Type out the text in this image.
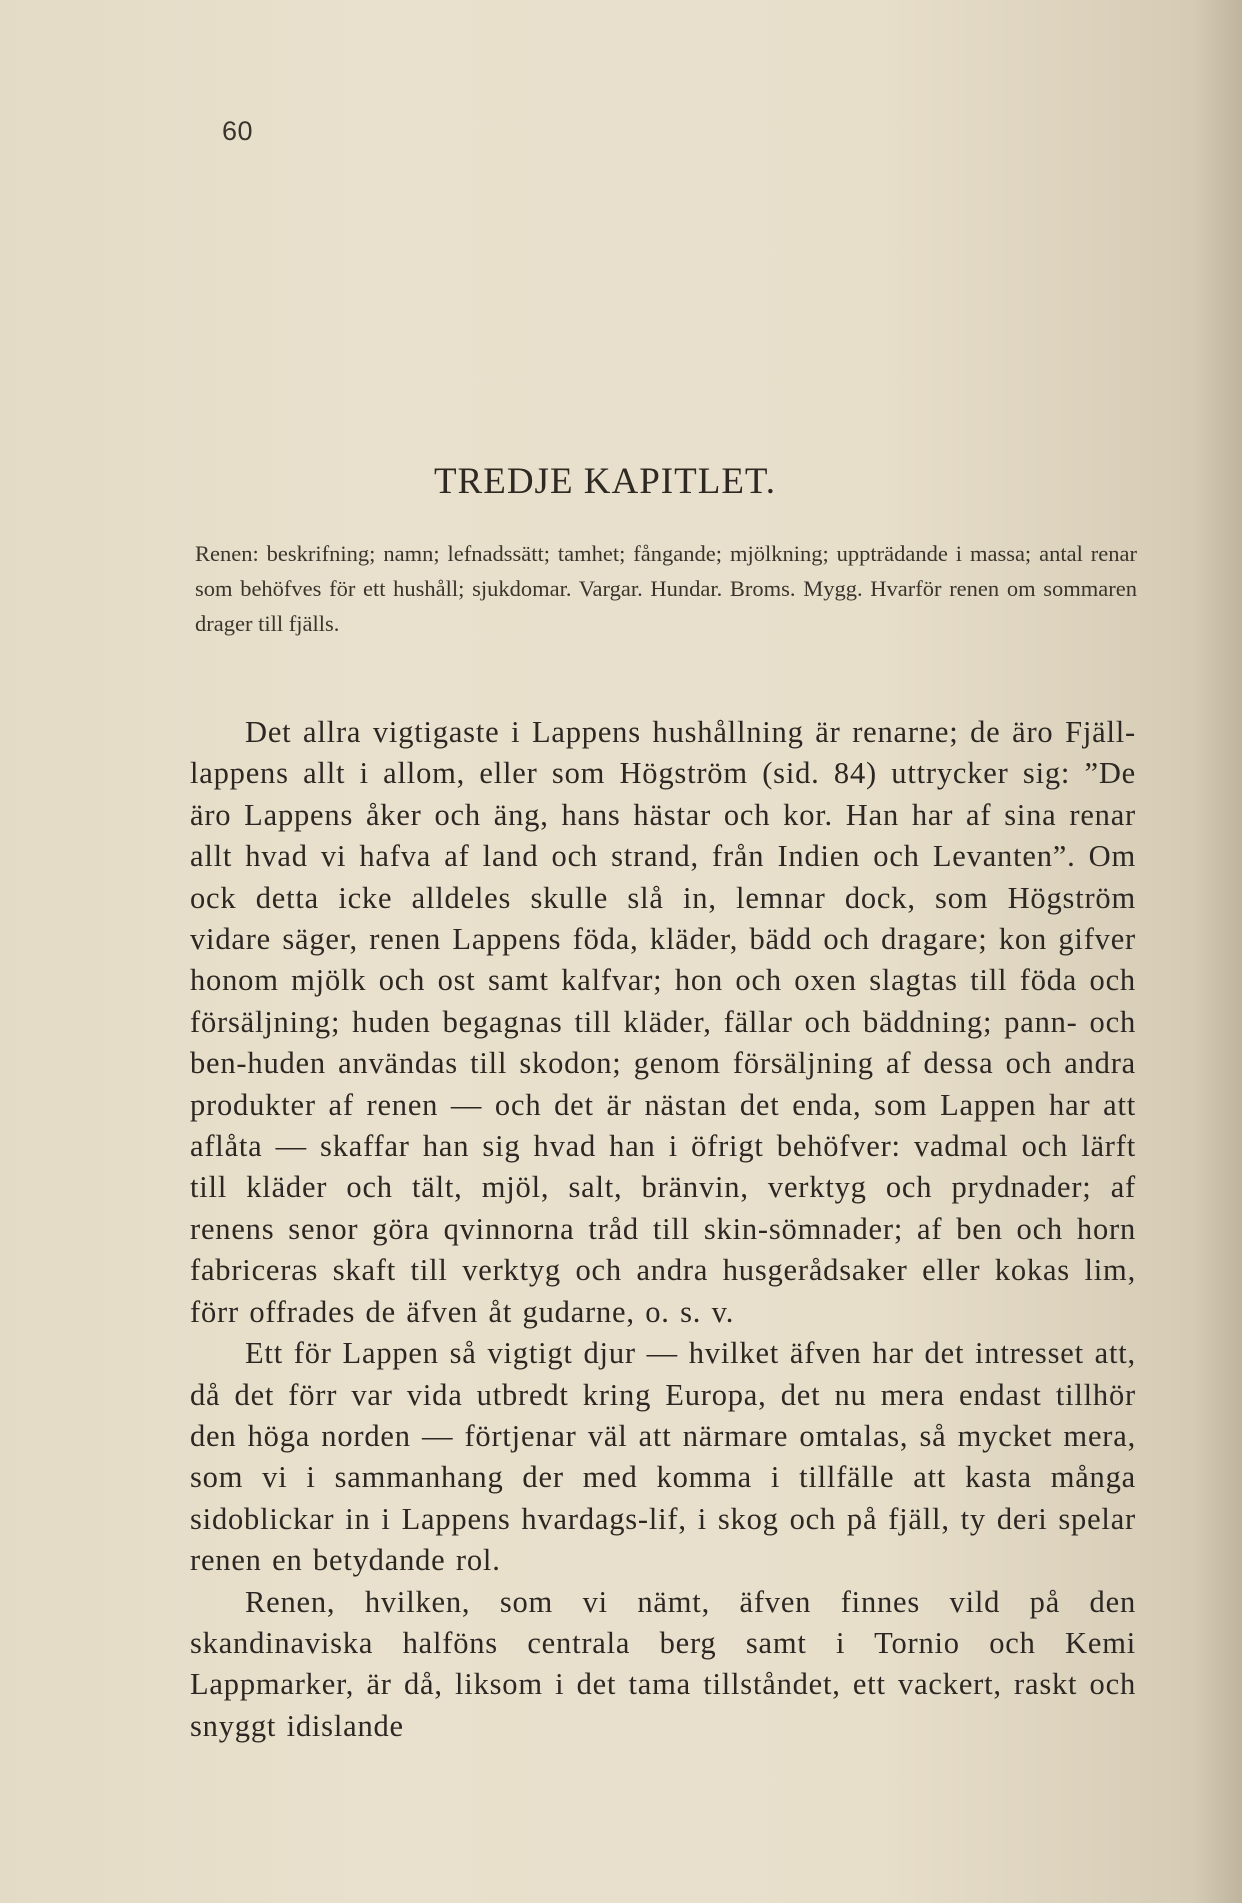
60
TREDJE KAPITLET.
Renen: beskrifning; namn; lefnadssätt; tamhet; fångande; mjölkning; uppträdande i massa; antal renar som behöfves för ett hushåll; sjukdomar. Vargar. Hundar. Broms. Mygg. Hvarför renen om sommaren drager till fjälls.

Det allra vigtigaste i Lappens hushållning är renarne; de äro Fjäll-lappens allt i allom, eller som Högström (sid. 84) uttrycker sig: ”De äro Lappens åker och äng, hans hästar och kor. Han har af sina renar allt hvad vi hafva af land och strand, från Indien och Levanten”. Om ock detta icke alldeles skulle slå in, lemnar dock, som Högström vidare säger, renen Lappens föda, kläder, bädd och dragare; kon gifver honom mjölk och ost samt kalfvar; hon och oxen slagtas till föda och försäljning; huden begagnas till kläder, fällar och bäddning; pann- och ben-huden användas till skodon; genom försäljning af dessa och andra produkter af renen — och det är nästan det enda, som Lappen har att aflåta — skaffar han sig hvad han i öfrigt behöfver: vadmal och lärft till kläder och tält, mjöl, salt, bränvin, verktyg och prydnader; af renens senor göra qvinnorna tråd till skin-sömnader; af ben och horn fabriceras skaft till verktyg och andra husgerådsaker eller kokas lim, förr offrades de äfven åt gudarne, o. s. v.

Ett för Lappen så vigtigt djur — hvilket äfven har det intresset att, då det förr var vida utbredt kring Europa, det nu mera endast tillhör den höga norden — förtjenar väl att närmare omtalas, så mycket mera, som vi i sammanhang der med komma i tillfälle att kasta många sidoblickar in i Lappens hvardags-lif, i skog och på fjäll, ty deri spelar renen en betydande rol.

Renen, hvilken, som vi nämt, äfven finnes vild på den skandinaviska halföns centrala berg samt i Tornio och Kemi Lappmarker, är då, liksom i det tama tillståndet, ett vackert, raskt och snyggt idislande
